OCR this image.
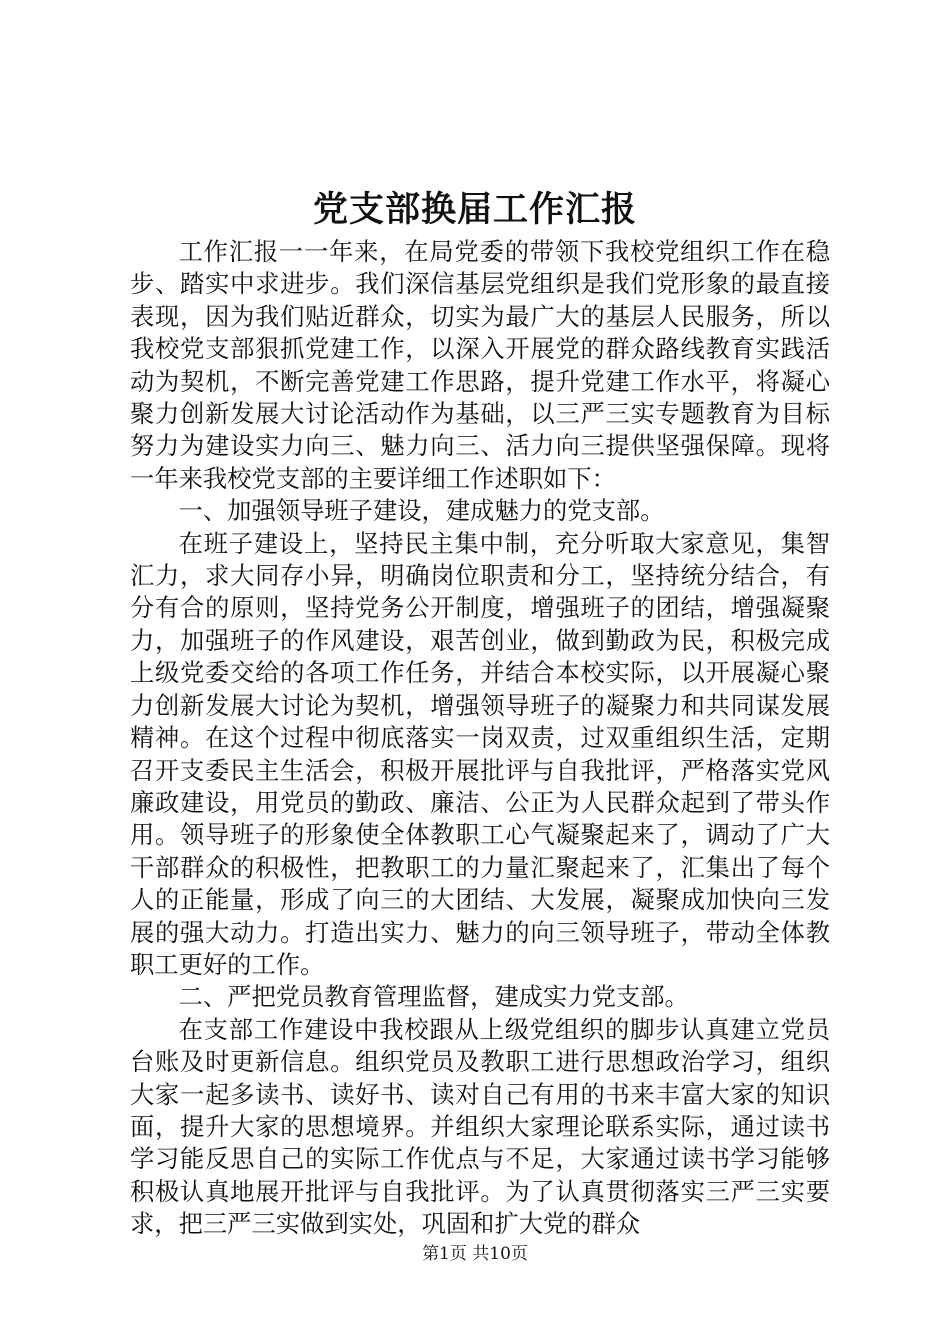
党支部换届工作汇报

工作汇报一一年来，在局党委的带领下我校党组织工作在稳步、踏实中求进步。我们深信基层党组织是我们党形象的最直接表现，因为我们贴近群众，切实为最广大的基层人民服务，所以我校党支部狠抓党建工作，以深入开展党的群众路线教育实践活动为契机，不断完善党建工作思路，提升党建工作水平，将凝心聚力创新发展大讨论活动作为基础，以三严三实专题教育为目标努力为建设实力向三、魅力向三、活力向三提供坚强保障。现将一年来我校党支部的主要详细工作述职如下：

一、加强领导班子建设，建成魅力的党支部。

在班子建设上，坚持民主集中制，充分听取大家意见，集智汇力，求大同存小异，明确岗位职责和分工，坚持统分结合，有分有合的原则，坚持党务公开制度，增强班子的团结，增强凝聚力，加强班子的作风建设，艰苦创业，做到勤政为民，积极完成上级党委交给的各项工作任务，并结合本校实际，以开展凝心聚力创新发展大讨论为契机，增强领导班子的凝聚力和共同谋发展精神。在这个过程中彻底落实一岗双责，过双重组织生活，定期召开支委民主生活会，积极开展批评与自我批评，严格落实党风廉政建设，用党员的勤政、廉洁、公正为人民群众起到了带头作用。领导班子的形象使全体教职工心气凝聚起来了，调动了广大干部群众的积极性，把教职工的力量汇聚起来了，汇集出了每个人的正能量，形成了向三的大团结、大发展，凝聚成加快向三发展的强大动力。打造出实力、魅力的向三领导班子，带动全体教职工更好的工作。

二、严把党员教育管理监督，建成实力党支部。

在支部工作建设中我校跟从上级党组织的脚步认真建立党员台账及时更新信息。组织党员及教职工进行思想政治学习，组织大家一起多读书、读好书、读对自己有用的书来丰富大家的知识面，提升大家的思想境界。并组织大家理论联系实际，通过读书学习能反思自己的实际工作优点与不足，大家通过读书学习能够积极认真地展开批评与自我批评。为了认真贯彻落实三严三实要求，把三严三实做到实处，巩固和扩大党的群众

第1页 共10页
